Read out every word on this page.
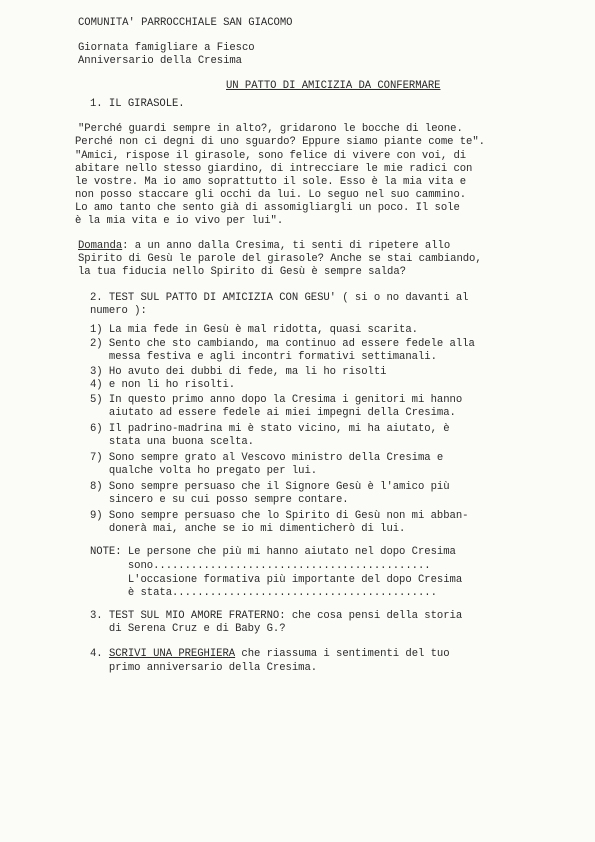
COMUNITA' PARROCCHIALE SAN GIACOMO
Giornata famigliare a Fiesco
Anniversario della Cresima
UN PATTO DI AMICIZIA DA CONFERMARE
1. IL GIRASOLE.
"Perché guardi sempre in alto?, gridarono le bocche di leone.
Perché non ci degni di uno sguardo? Eppure siamo piante come te".
"Amici, rispose il girasole, sono felice di vivere con voi, di
abitare nello stesso giardino, di intrecciare le mie radici con
le vostre. Ma io amo soprattutto il sole. Esso è la mia vita e
non posso staccare gli occhi da lui. Lo seguo nel suo cammino.
Lo amo tanto che sento già di assomigliargli un poco. Il sole
è la mia vita e io vivo per lui".
Domanda: a un anno dalla Cresima, ti senti di ripetere allo
Spirito di Gesù le parole del girasole? Anche se stai cambiando,
la tua fiducia nello Spirito di Gesù è sempre salda?
2. TEST SUL PATTO DI AMICIZIA CON GESU' ( si o no davanti al
numero ):
1) La mia fede in Gesù è mal ridotta, quasi scarita.
2) Sento che sto cambiando, ma continuo ad essere fedele alla
messa festiva e agli incontri formativi settimanali.
3) Ho avuto dei dubbi di fede, ma li ho risolti
4) e non li ho risolti.
5) In questo primo anno dopo la Cresima i genitori mi hanno
aiutato ad essere fedele ai miei impegni della Cresima.
6) Il padrino-madrina mi è stato vicino, mi ha aiutato, è
stata una buona scelta.
7) Sono sempre grato al Vescovo ministro della Cresima e
qualche volta ho pregato per lui.
8) Sono sempre persuaso che il Signore Gesù è l'amico più
sincero e su cui posso sempre contare.
9) Sono sempre persuaso che lo Spirito di Gesù non mi abban-
donerà mai, anche se io mi dimenticherò di lui.
NOTE: Le persone che più mi hanno aiutato nel dopo Cresima
sono............................................
L'occasione formativa più importante del dopo Cresima
è stata..........................................
3. TEST SUL MIO AMORE FRATERNO: che cosa pensi della storia
di Serena Cruz e di Baby G.?
4. SCRIVI UNA PREGHIERA che riassuma i sentimenti del tuo
primo anniversario della Cresima.
